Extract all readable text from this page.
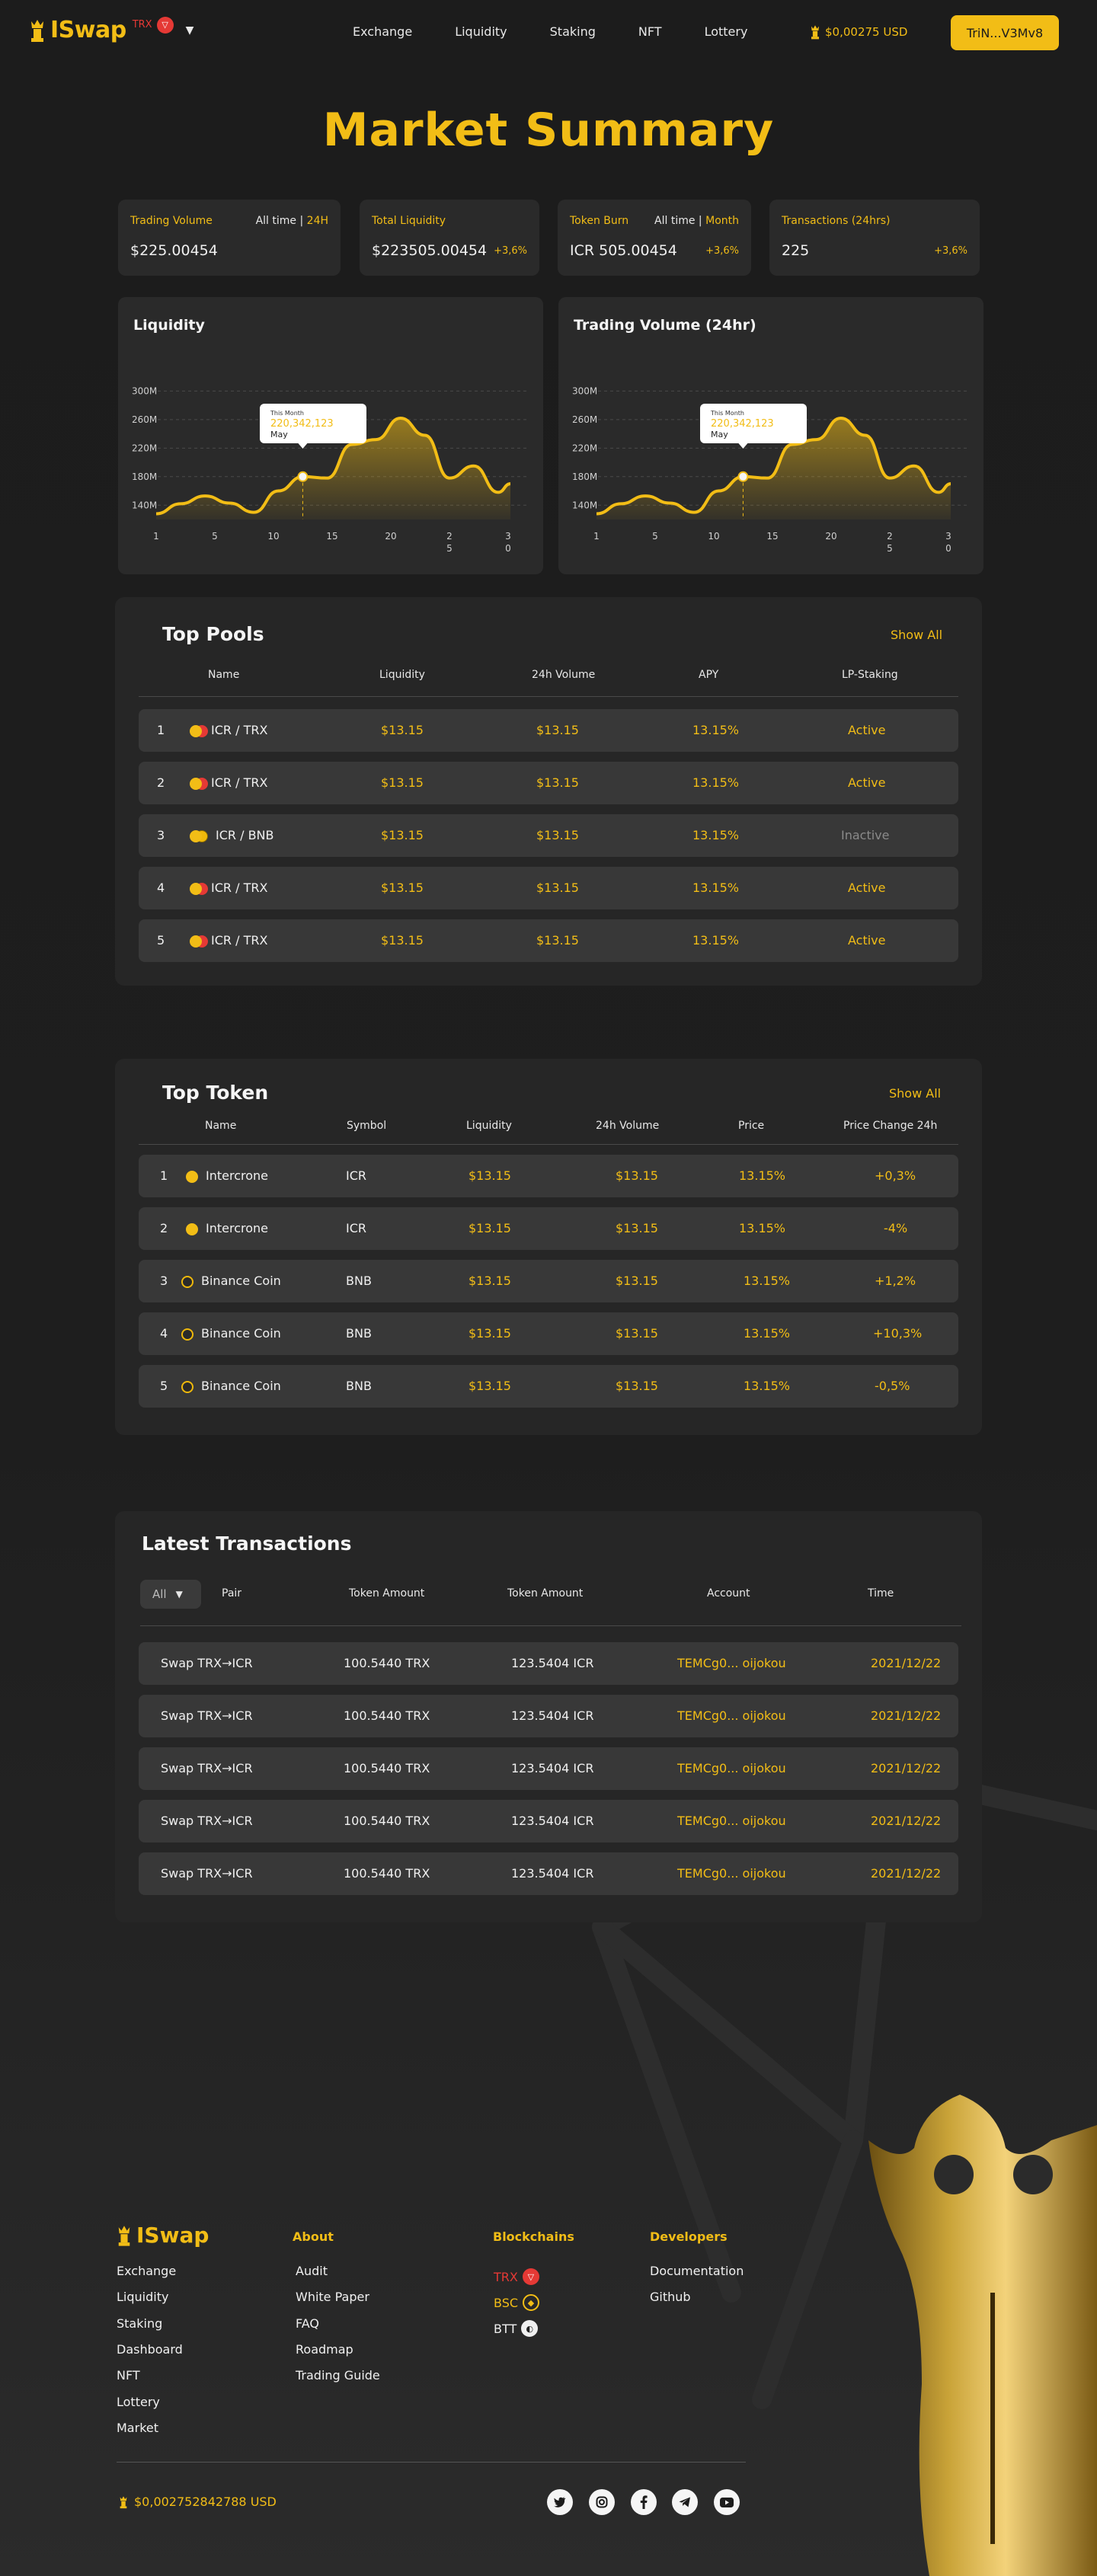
ISwap TRX	▽	▼	Exchange	Liquidity	Staking	NFT	Lottery	$0,00275 USD	TriN...V3Mv8
Market Summary
Trading Volume	All time | 24H
$225.00454
Total Liquidity
$223505.00454 +3,6%
Token Burn	All time | Month
ICR 505.00454	+3,6%
Transactions (24hrs)
225	+3,6%
300M
260M
220M
180M
140M
1	5	10	15	20	2 5
3 0
This Month
220,342,123
May
Liquidity
300M
260M
220M
180M
140M
1	5	10	15	20	2 5
3 0
This Month
220,342,123
May
Trading Volume (24hr)
Top Pools	Show All
Name	Liquidity	24h Volume	APY	LP-Staking
1	ICR / TRX	$13.15	$13.15	13.15%	Active
2	ICR / TRX	$13.15	$13.15	13.15%	Active
3	ICR / BNB	$13.15	$13.15	13.15%	Inactive
4	ICR / TRX	$13.15	$13.15	13.15%	Active
5	ICR / TRX	$13.15	$13.15	13.15%	Active
Top Token	Show All
Name	Symbol	Liquidity	24h Volume	Price	Price Change 24h
1	Intercrone	ICR	$13.15	$13.15	13.15%	+0,3%
2	Intercrone	ICR	$13.15	$13.15	13.15%	-4%
3	Binance Coin	BNB	$13.15	$13.15	13.15%	+1,2%
4	Binance Coin	BNB	$13.15	$13.15	13.15%	+10,3%
5	Binance Coin	BNB	$13.15	$13.15	13.15%	-0,5%
Latest Transactions
All ▼	Pair	Token Amount	Token Amount	Account	Time
Swap TRX→ICR	100.5440 TRX	123.5404 ICR	TEMCg0... oijokou	2021/12/22
Swap TRX→ICR	100.5440 TRX	123.5404 ICR	TEMCg0... oijokou	2021/12/22
Swap TRX→ICR	100.5440 TRX	123.5404 ICR	TEMCg0... oijokou	2021/12/22
Swap TRX→ICR	100.5440 TRX	123.5404 ICR	TEMCg0... oijokou	2021/12/22
Swap TRX→ICR	100.5440 TRX	123.5404 ICR	TEMCg0... oijokou	2021/12/22
ISwap
Exchange
Liquidity
Staking
Dashboard
NFT
Lottery
Market
Audit
White Paper
FAQ
Roadmap
Trading Guide
Documentation
Github
About	Blockchains	Developers
TRX	▽
BSC	◆
BTT	◐
$0,002752842788 USD
